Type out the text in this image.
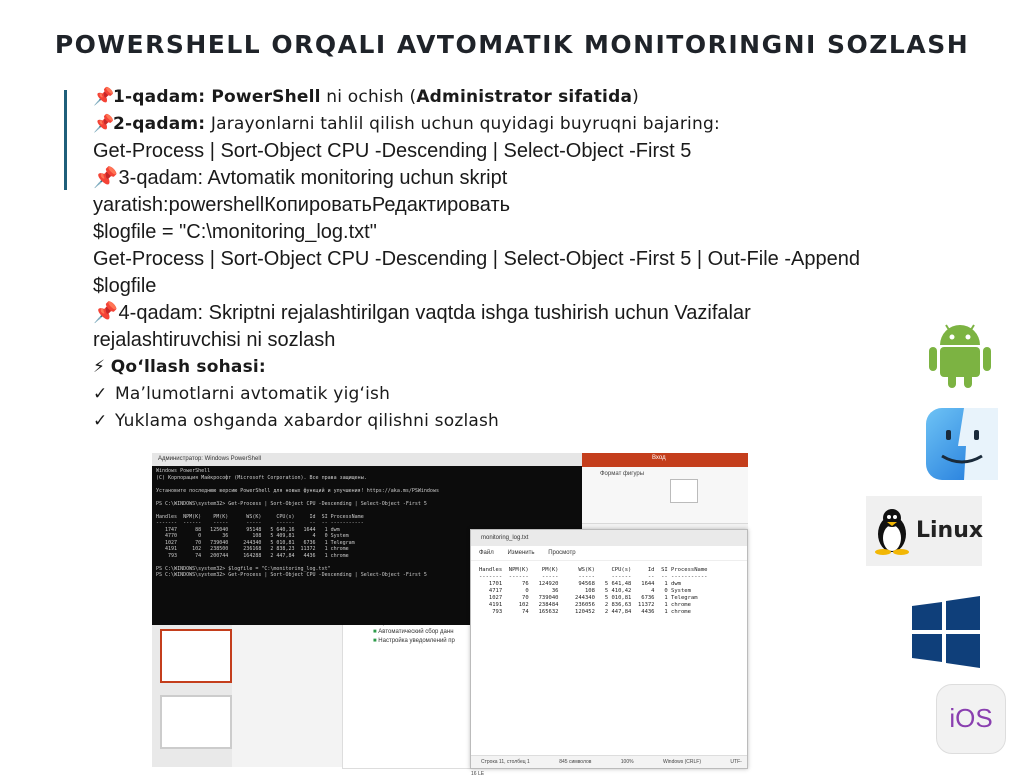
POWERSHELL ORQALI AVTOMATIK MONITORINGNI SOZLASH
📌1-qadam: PowerShell ni ochish (Administrator sifatida)
📌2-qadam: Jarayonlarni tahlil qilish uchun quyidagi buyruqni bajaring:
Get-Process | Sort-Object CPU -Descending | Select-Object -First 5
📌 3-qadam: Avtomatik monitoring uchun skript
yaratish:powershellКопироватьРедактировать
$logfile = "C:\monitoring_log.txt"
Get-Process | Sort-Object CPU -Descending | Select-Object -First 5 | Out-File -Append
$logfile
📌 4-qadam: Skriptni rejalashtirilgan vaqtda ishga tushirish uchun Vazifalar
rejalashtiruvchisi ni sozlash
⚡ Qo‘llash sohasi:
✓ Ma’lumotlarni avtomatik yig‘ish
✓ Yuklama oshganda xabardor qilishni sozlash
Формат фигуры
Вход
■ Автоматический сбор данн
■ Настройка уведомлений пр
Администратор: Windows PowerShell
Windows PowerShell
(C) Корпорация Майкрософт (Microsoft Corporation). Все права защищены.

Установите последнюю версию PowerShell для новых функций и улучшения! https://aka.ms/PSWindows

PS C:\WINDOWS\system32> Get-Process | Sort-Object CPU -Descending | Select-Object -First 5

Handles  NPM(K)    PM(K)      WS(K)     CPU(s)     Id  SI ProcessName
-------  ------    -----      -----     ------     --  -- -----------
1747      88   125040      95148   5 640,16   1644   1 dwm
4770       0       36        108   5 409,81      4   0 System
1027      70   739040     244340   5 010,81   6736   1 Telegram
4191     102   238500     236168   2 838,23  11372   1 chrome
793      74   200744     164288   2 447,84   4436   1 chrome

PS C:\WINDOWS\system32> $logfile = "C:\monitoring_log.txt"
PS C:\WINDOWS\system32> Get-Process | Sort-Object CPU -Descending | Select-Object -First 5
monitoring_log.txt
Файл Изменить Просмотр
Handles  NPM(K)    PM(K)      WS(K)     CPU(s)     Id  SI ProcessName
-------  ------    -----      -----     ------     --  -- -----------
1701      76   124920      94568   5 641,48   1644   1 dwm
4717       0       36        108   5 410,42      4   0 System
1027      70   739040     244340   5 010,81   6736   1 Telegram
4191     102   238484     236056   2 836,63  11372   1 chrome
793      74   165632     120452   2 447,84   4436   1 chrome
Строка 11, столбец 1	845 символов	100%	Windows (CRLF)	UTF-16 LE
Linux
iOS
